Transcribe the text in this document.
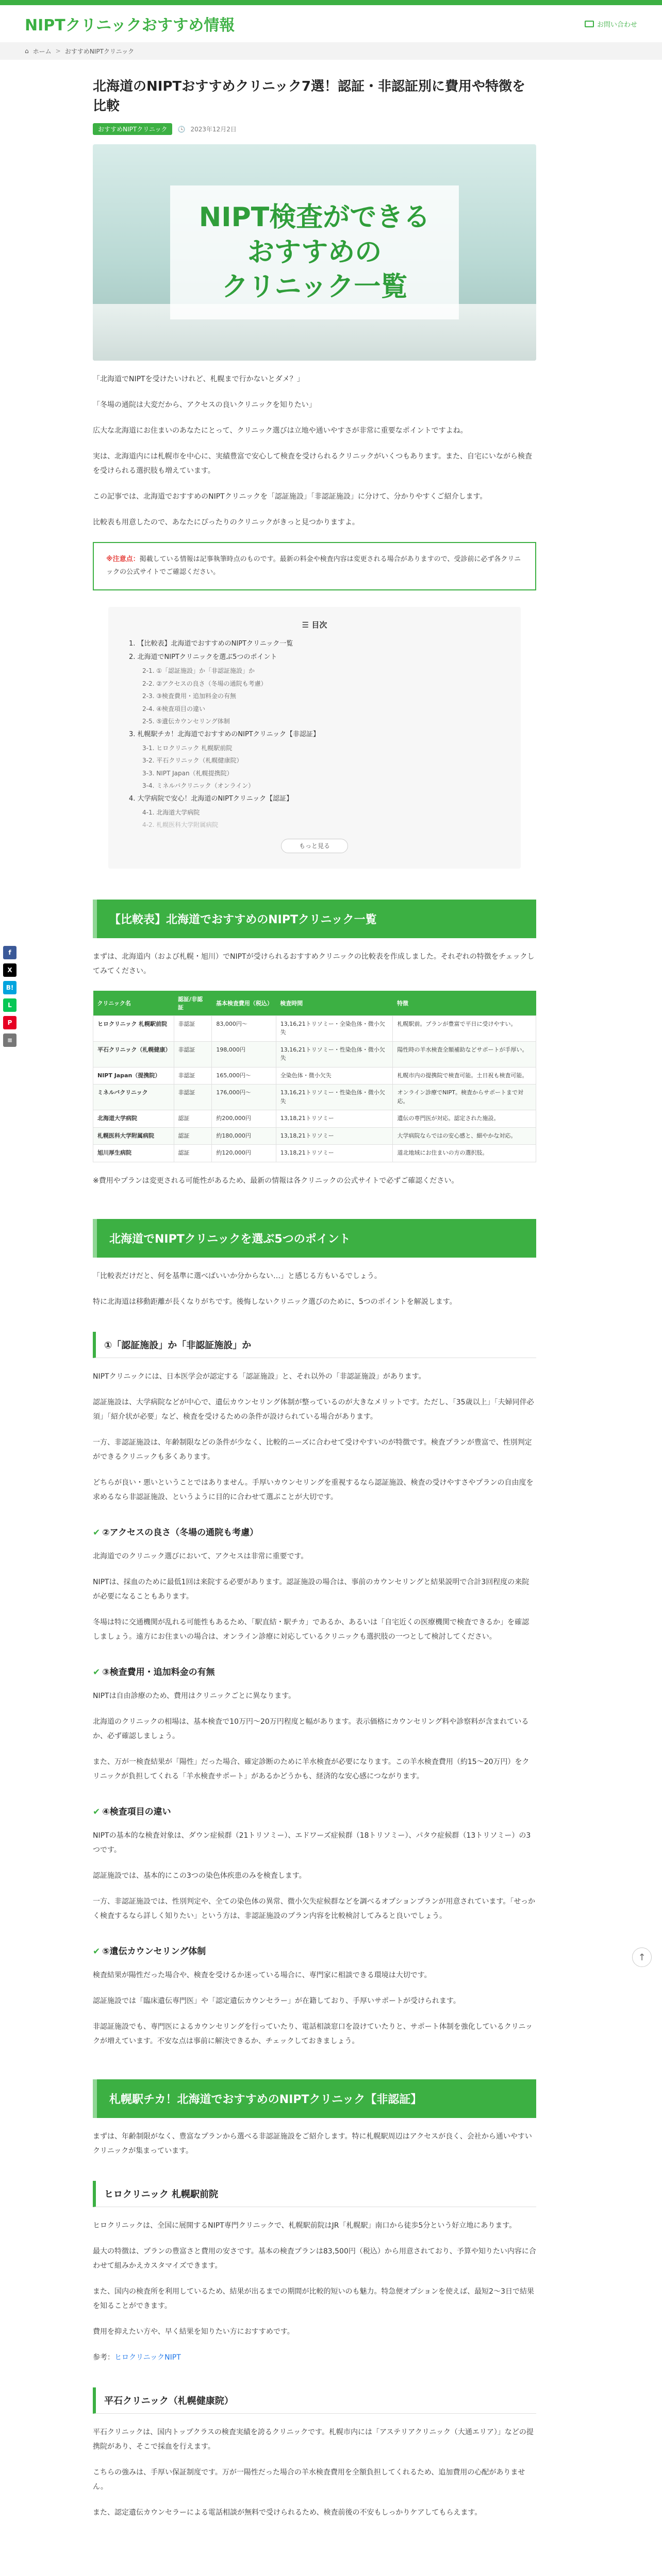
NIPTクリニックおすすめ情報	お問い合わせ
⌂ ホーム > おすすめNIPTクリニック
f
X
B!
L
P
≡
北海道のNIPTおすすめクリニック7選！認証・非認証別に費用や特徴を比較
おすすめNIPTクリニック	🕓 2023年12月2日
NIPT検査ができる
おすすめの
クリニック一覧

「北海道でNIPTを受けたいけれど、札幌まで行かないとダメ？」

「冬場の通院は大変だから、アクセスの良いクリニックを知りたい」

広大な北海道にお住まいのあなたにとって、クリニック選びは立地や通いやすさが非常に重要なポイントですよね。

実は、北海道内には札幌市を中心に、実績豊富で安心して検査を受けられるクリニックがいくつもあります。また、自宅にいながら検査を受けられる選択肢も増えています。

この記事では、北海道でおすすめのNIPTクリニックを「認証施設」「非認証施設」に分けて、分かりやすくご紹介します。

比較表も用意したので、あなたにぴったりのクリニックがきっと見つかりますよ。

※注意点：掲載している情報は記事執筆時点のものです。最新の料金や検査内容は変更される場合がありますので、受診前に必ず各クリニックの公式サイトでご確認ください。
☰ 目次
1. 【比較表】北海道でおすすめのNIPTクリニック一覧
2. 北海道でNIPTクリニックを選ぶ5つのポイント
2-1. ①「認証施設」か「非認証施設」か
2-2. ②アクセスの良さ（冬場の通院も考慮）
2-3. ③検査費用・追加料金の有無
2-4. ④検査項目の違い
2-5. ⑤遺伝カウンセリング体制
3. 札幌駅チカ！北海道でおすすめのNIPTクリニック【非認証】
3-1. ヒロクリニック 札幌駅前院
3-2. 平石クリニック（札幌健康院）
3-3. NIPT Japan（札幌提携院）
3-4. ミネルバクリニック（オンライン）
4. 大学病院で安心！北海道のNIPTクリニック【認証】
4-1. 北海道大学病院
4-2. 札幌医科大学附属病院
もっと見る
【比較表】北海道でおすすめのNIPTクリニック一覧

まずは、北海道内（および札幌・旭川）でNIPTが受けられるおすすめクリニックの比較表を作成しました。それぞれの特徴をチェックしてみてください。

クリニック名	認証/非認証	基本検査費用（税込）	検査時間	特徴
ヒロクリニック 札幌駅前院	非認証	83,000円〜	13,16,21トリソミー・全染色体・微小欠失	札幌駅前。プランが豊富で平日に受けやすい。
平石クリニック（札幌健康）	非認証	198,000円	13,16,21トリソミー・性染色体・微小欠失	陽性時の羊水検査全額補助などサポートが手厚い。
NIPT Japan（提携院）	非認証	165,000円〜	全染色体・微小欠失	札幌市内の提携院で検査可能。土日祝も検査可能。
ミネルバクリニック	非認証	176,000円〜	13,16,21トリソミー・性染色体・微小欠失	オンライン診療でNIPT。検査からサポートまで対応。
北海道大学病院	認証	約200,000円	13,18,21トリソミー	遺伝の専門医が対応。認定された施設。
札幌医科大学附属病院	認証	約180,000円	13,18,21トリソミー	大学病院ならではの安心感と、細やかな対応。
旭川厚生病院	認証	約120,000円	13,18,21トリソミー	道北地域にお住まいの方の選択肢。

※費用やプランは変更される可能性があるため、最新の情報は各クリニックの公式サイトで必ずご確認ください。

北海道でNIPTクリニックを選ぶ5つのポイント

「比較表だけだと、何を基準に選べばいいか分からない…」と感じる方もいるでしょう。

特に北海道は移動距離が長くなりがちです。後悔しないクリニック選びのために、5つのポイントを解説します。

①「認証施設」か「非認証施設」か

NIPTクリニックには、日本医学会が認定する「認証施設」と、それ以外の「非認証施設」があります。

認証施設は、大学病院などが中心で、遺伝カウンセリング体制が整っているのが大きなメリットです。ただし、「35歳以上」「夫婦同伴必須」「紹介状が必要」など、検査を受けるための条件が設けられている場合があります。

一方、非認証施設は、年齢制限などの条件が少なく、比較的ニーズに合わせて受けやすいのが特徴です。検査プランが豊富で、性別判定ができるクリニックも多くあります。

どちらが良い・悪いということではありません。手厚いカウンセリングを重視するなら認証施設、検査の受けやすさやプランの自由度を求めるなら非認証施設、というように目的に合わせて選ぶことが大切です。

✔ ②アクセスの良さ（冬場の通院も考慮）

北海道でのクリニック選びにおいて、アクセスは非常に重要です。

NIPTは、採血のために最低1回は来院する必要があります。認証施設の場合は、事前のカウンセリングと結果説明で合計3回程度の来院が必要になることもあります。

冬場は特に交通機関が乱れる可能性もあるため、「駅直結・駅チカ」であるか、あるいは「自宅近くの医療機関で検査できるか」を確認しましょう。遠方にお住まいの場合は、オンライン診療に対応しているクリニックも選択肢の一つとして検討してください。

✔ ③検査費用・追加料金の有無

NIPTは自由診療のため、費用はクリニックごとに異なります。

北海道のクリニックの相場は、基本検査で10万円〜20万円程度と幅があります。表示価格にカウンセリング料や診察料が含まれているか、必ず確認しましょう。

また、万が一検査結果が「陽性」だった場合、確定診断のために羊水検査が必要になります。この羊水検査費用（約15〜20万円）をクリニックが負担してくれる「羊水検査サポート」があるかどうかも、経済的な安心感につながります。

✔ ④検査項目の違い

NIPTの基本的な検査対象は、ダウン症候群（21トリソミー）、エドワーズ症候群（18トリソミー）、パタウ症候群（13トリソミー）の3つです。

認証施設では、基本的にこの3つの染色体疾患のみを検査します。

一方、非認証施設では、性別判定や、全ての染色体の異常、微小欠失症候群などを調べるオプションプランが用意されています。「せっかく検査するなら詳しく知りたい」という方は、非認証施設のプラン内容を比較検討してみると良いでしょう。

✔ ⑤遺伝カウンセリング体制

検査結果が陽性だった場合や、検査を受けるか迷っている場合に、専門家に相談できる環境は大切です。

認証施設では「臨床遺伝専門医」や「認定遺伝カウンセラー」が在籍しており、手厚いサポートが受けられます。

非認証施設でも、専門医によるカウンセリングを行っていたり、電話相談窓口を設けていたりと、サポート体制を強化しているクリニックが増えています。不安な点は事前に解決できるか、チェックしておきましょう。

札幌駅チカ！北海道でおすすめのNIPTクリニック【非認証】

まずは、年齢制限がなく、豊富なプランから選べる非認証施設をご紹介します。特に札幌駅周辺はアクセスが良く、会社から通いやすいクリニックが集まっています。

ヒロクリニック 札幌駅前院

ヒロクリニックは、全国に展開するNIPT専門クリニックで、札幌駅前院はJR「札幌駅」南口から徒歩5分という好立地にあります。

最大の特徴は、プランの豊富さと費用の安さです。基本の検査プランは83,500円（税込）から用意されており、予算や知りたい内容に合わせて組みかえカスタマイズできます。

また、国内の検査所を利用しているため、結果が出るまでの期間が比較的短いのも魅力。特急便オプションを使えば、最短2〜3日で結果を知ることができます。

費用を抑えたい方や、早く結果を知りたい方におすすめです。

参考：ヒロクリニックNIPT

平石クリニック（札幌健康院）

平石クリニックは、国内トップクラスの検査実績を誇るクリニックです。札幌市内には「アステリアクリニック（大通エリア）」などの提携院があり、そこで採血を行えます。

こちらの強みは、手厚い保証制度です。万が一陽性だった場合の羊水検査費用を全額負担してくれるため、追加費用の心配がありません。

また、認定遺伝カウンセラーによる電話相談が無料で受けられるため、検査前後の不安もしっかりケアしてもらえます。

↑
